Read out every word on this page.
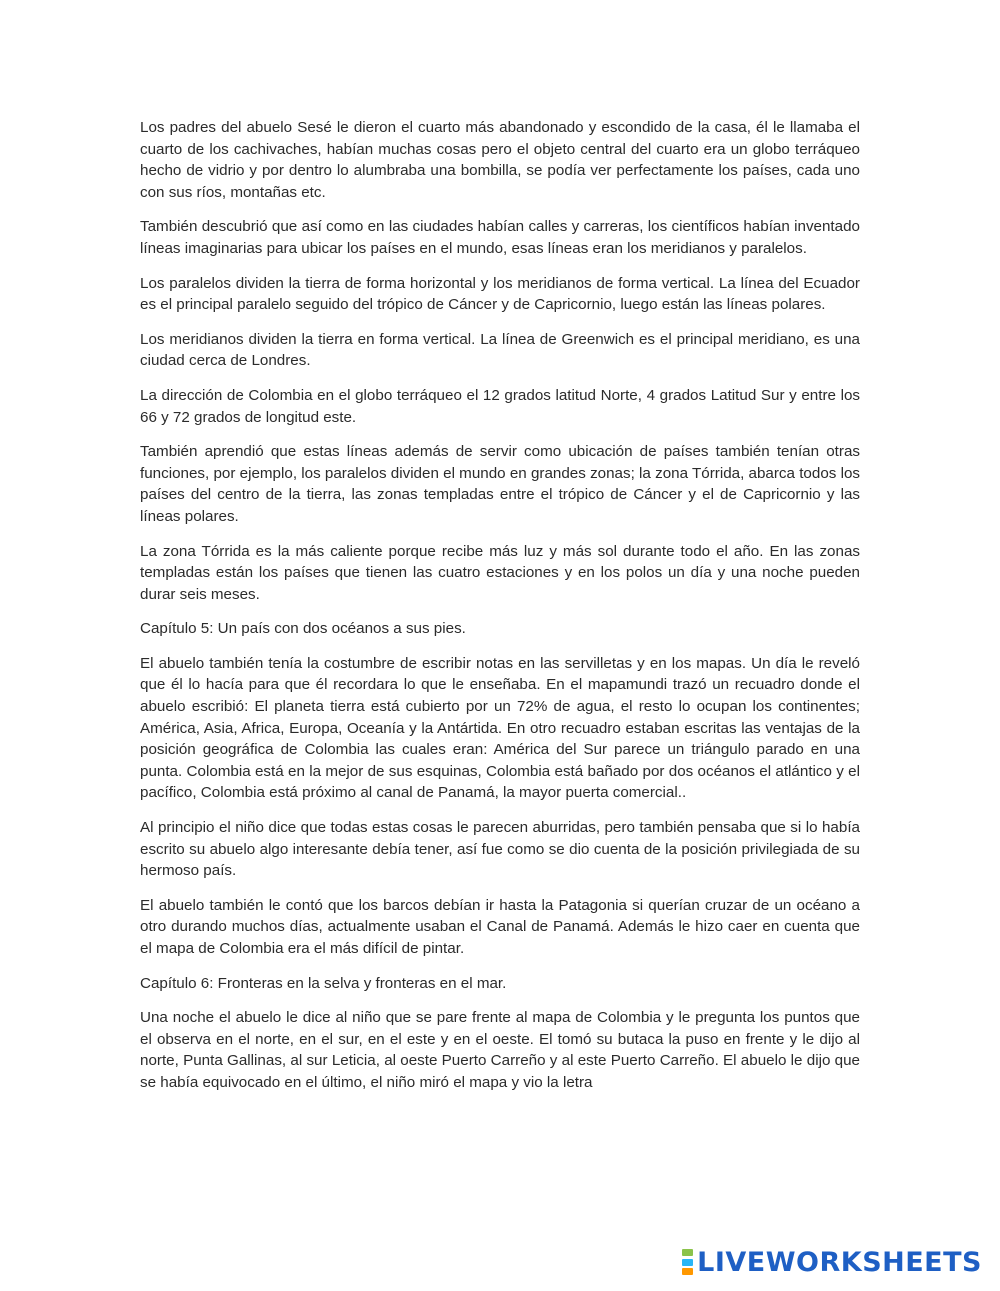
Los padres del abuelo Sesé le dieron el cuarto más abandonado y escondido de la casa, él le llamaba el cuarto de los cachivaches, habían muchas cosas pero el objeto central del cuarto era un globo terráqueo hecho de vidrio y por dentro lo alumbraba una bombilla, se podía ver perfectamente los países, cada uno con sus ríos, montañas etc.

También descubrió que así como en las ciudades habían calles y carreras, los científicos habían inventado líneas imaginarias para ubicar los países en el mundo, esas líneas eran los meridianos y paralelos.

Los paralelos dividen la tierra de forma horizontal y los meridianos de forma vertical. La línea del Ecuador es el principal paralelo seguido del trópico de Cáncer y de Capricornio, luego están las líneas polares.

Los meridianos dividen la tierra en forma vertical. La línea de Greenwich es el principal meridiano, es una ciudad cerca de Londres.

La dirección de Colombia en el globo terráqueo el 12 grados latitud Norte, 4 grados Latitud Sur y entre los 66 y 72 grados de longitud este.

También aprendió que estas líneas además de servir como ubicación de países también tenían otras funciones, por ejemplo, los paralelos dividen el mundo en grandes zonas; la zona Tórrida, abarca todos los países del centro de la tierra, las zonas templadas entre el trópico de Cáncer y el de Capricornio y las líneas polares.

La zona Tórrida es la más caliente porque recibe más luz y más sol durante todo el año. En las zonas templadas están los países que tienen las cuatro estaciones y en los polos un día y una noche pueden durar seis meses.

Capítulo 5: Un país con dos océanos a sus pies.

El abuelo también tenía la costumbre de escribir notas en las servilletas y en los mapas. Un día le reveló que él lo hacía para que él recordara lo que le enseñaba. En el mapamundi trazó un recuadro donde el abuelo escribió: El planeta tierra está cubierto por un 72% de agua, el resto lo ocupan los continentes; América, Asia, Africa, Europa, Oceanía y la Antártida. En otro recuadro estaban escritas las ventajas de la posición geográfica de Colombia las cuales eran: América del Sur parece un triángulo parado en una punta. Colombia está en la mejor de sus esquinas, Colombia está bañado por dos océanos el atlántico y el pacífico, Colombia está próximo al canal de Panamá, la mayor puerta comercial..

Al principio el niño dice que todas estas cosas le parecen aburridas, pero también pensaba que si lo había escrito su abuelo algo interesante debía tener, así fue como se dio cuenta de la posición privilegiada de su hermoso país.

El abuelo también le contó que los barcos debían ir hasta la Patagonia si querían cruzar de un océano a otro durando muchos días, actualmente usaban el Canal de Panamá. Además le hizo caer en cuenta que el mapa de Colombia era el más difícil de pintar.

Capítulo 6: Fronteras en la selva y fronteras en el mar.

Una noche el abuelo le dice al niño que se pare frente al mapa de Colombia y le pregunta los puntos que el observa en el norte, en el sur, en el este y en el oeste. El tomó su butaca la puso en frente y le dijo al norte, Punta Gallinas, al sur Leticia, al oeste Puerto Carreño y al este Puerto Carreño. El abuelo le dijo que se había equivocado en el último, el niño miró el mapa y vio la letra

LIVEWORKSHEETS
